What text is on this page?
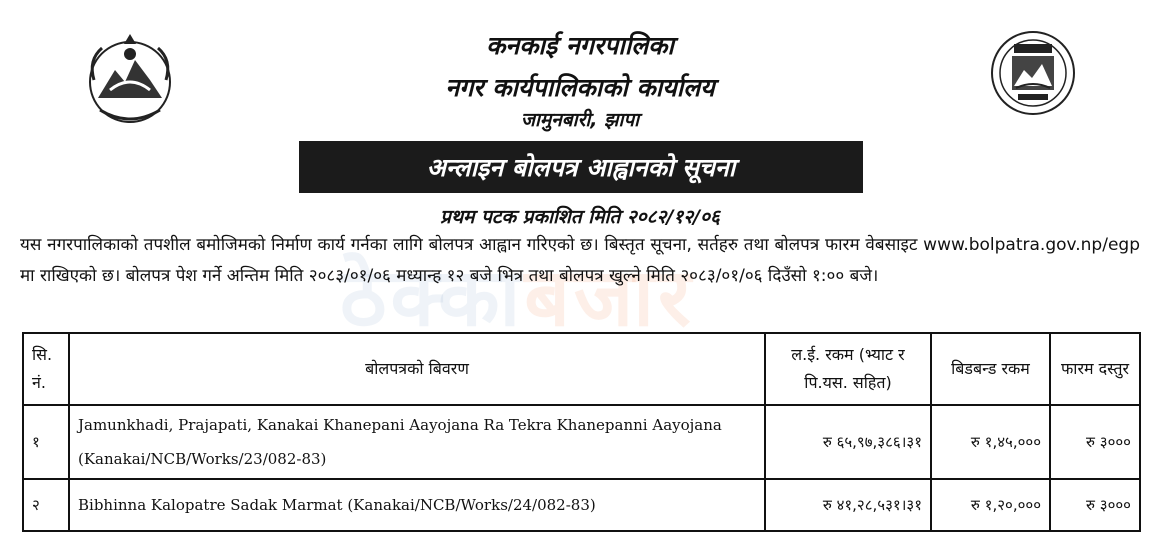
कनकाई नगरपालिका
नगर कार्यपालिकाको कार्यालय
जामुनबारी, झापा
अन्लाइन बोलपत्र आह्वानको सूचना
प्रथम पटक प्रकाशित मिति २०८२/१२/०६
ठेक्काबजार

यस नगरपालिकाको तपशील बमोजिमको निर्माण कार्य गर्नका लागि बोलपत्र आह्वान गरिएको छ। बिस्तृत सूचना, सर्तहरु तथा बोलपत्र फारम वेबसाइट www.bolpatra.gov.np/egp मा राखिएको छ। बोलपत्र पेश गर्ने अन्तिम मिति २०८३/०१/०६ मध्यान्ह १२ बजे भित्र तथा बोलपत्र खुल्ने मिति २०८३/०१/०६ दिउँसो १:०० बजे।

सि. नं.	बोलपत्रको बिवरण	ल.ई. रकम (भ्याट र पि.यस. सहित)	बिडबन्ड रकम	फारम दस्तुर
१	Jamunkhadi, Prajapati, Kanakai Khanepani Aayojana Ra Tekra Khanepanni Aayojana (Kanakai/NCB/Works/23/082-83)	रु ६५,९७,३८६।३१	रु १,४५,०००	रु ३०००
२	Bibhinna Kalopatre Sadak Marmat (Kanakai/NCB/Works/24/082-83)	रु ४१,२८,५३१।३१	रु १,२०,०००	रु ३०००
